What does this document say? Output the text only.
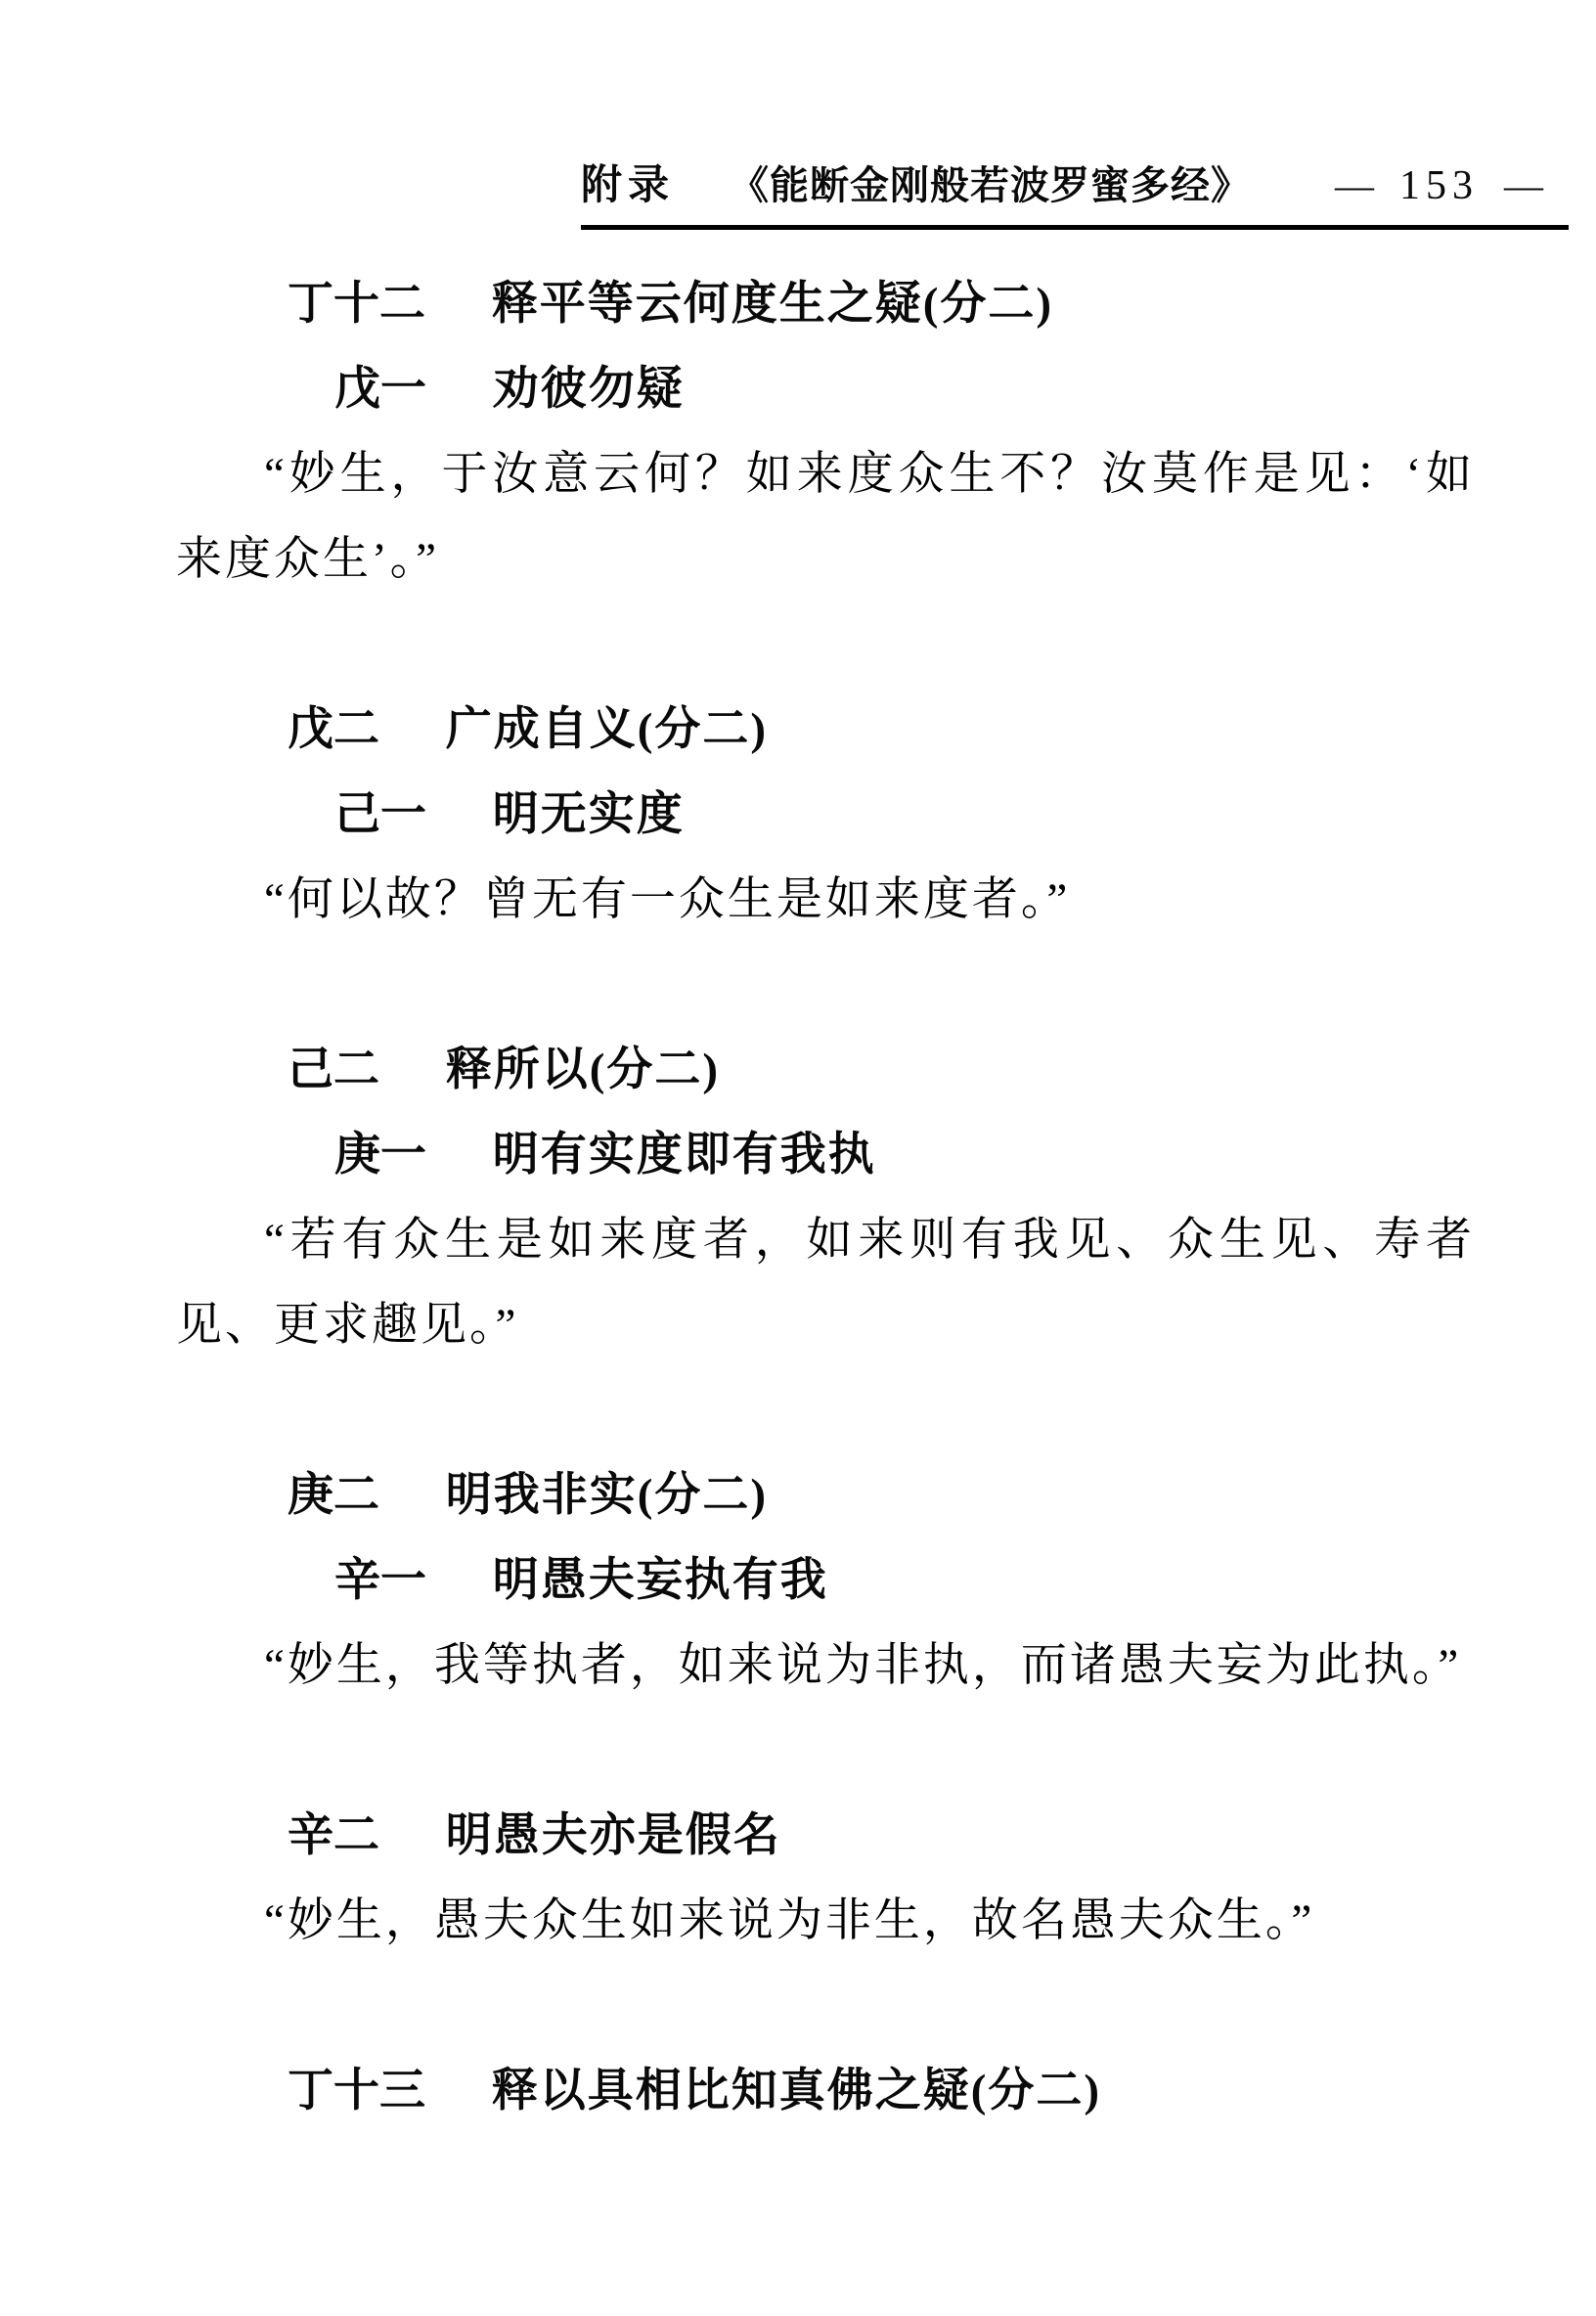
附录 《能断金刚般若波罗蜜多经》 — 153 —
丁十二 释平等云何度生之疑(分二)
戊一 劝彼勿疑
“妙生，于汝意云何？如来度众生不？汝莫作是见：‘如来度众生’。”
戊二 广成自义(分二)
己一 明无实度
“何以故？曾无有一众生是如来度者。”
己二 释所以(分二)
庚一 明有实度即有我执
“若有众生是如来度者，如来则有我见、众生见、寿者见、更求趣见。”
庚二 明我非实(分二)
辛一 明愚夫妄执有我
“妙生，我等执者，如来说为非执，而诸愚夫妄为此执。”
辛二 明愚夫亦是假名
“妙生，愚夫众生如来说为非生，故名愚夫众生。”
丁十三 释以具相比知真佛之疑(分二)
